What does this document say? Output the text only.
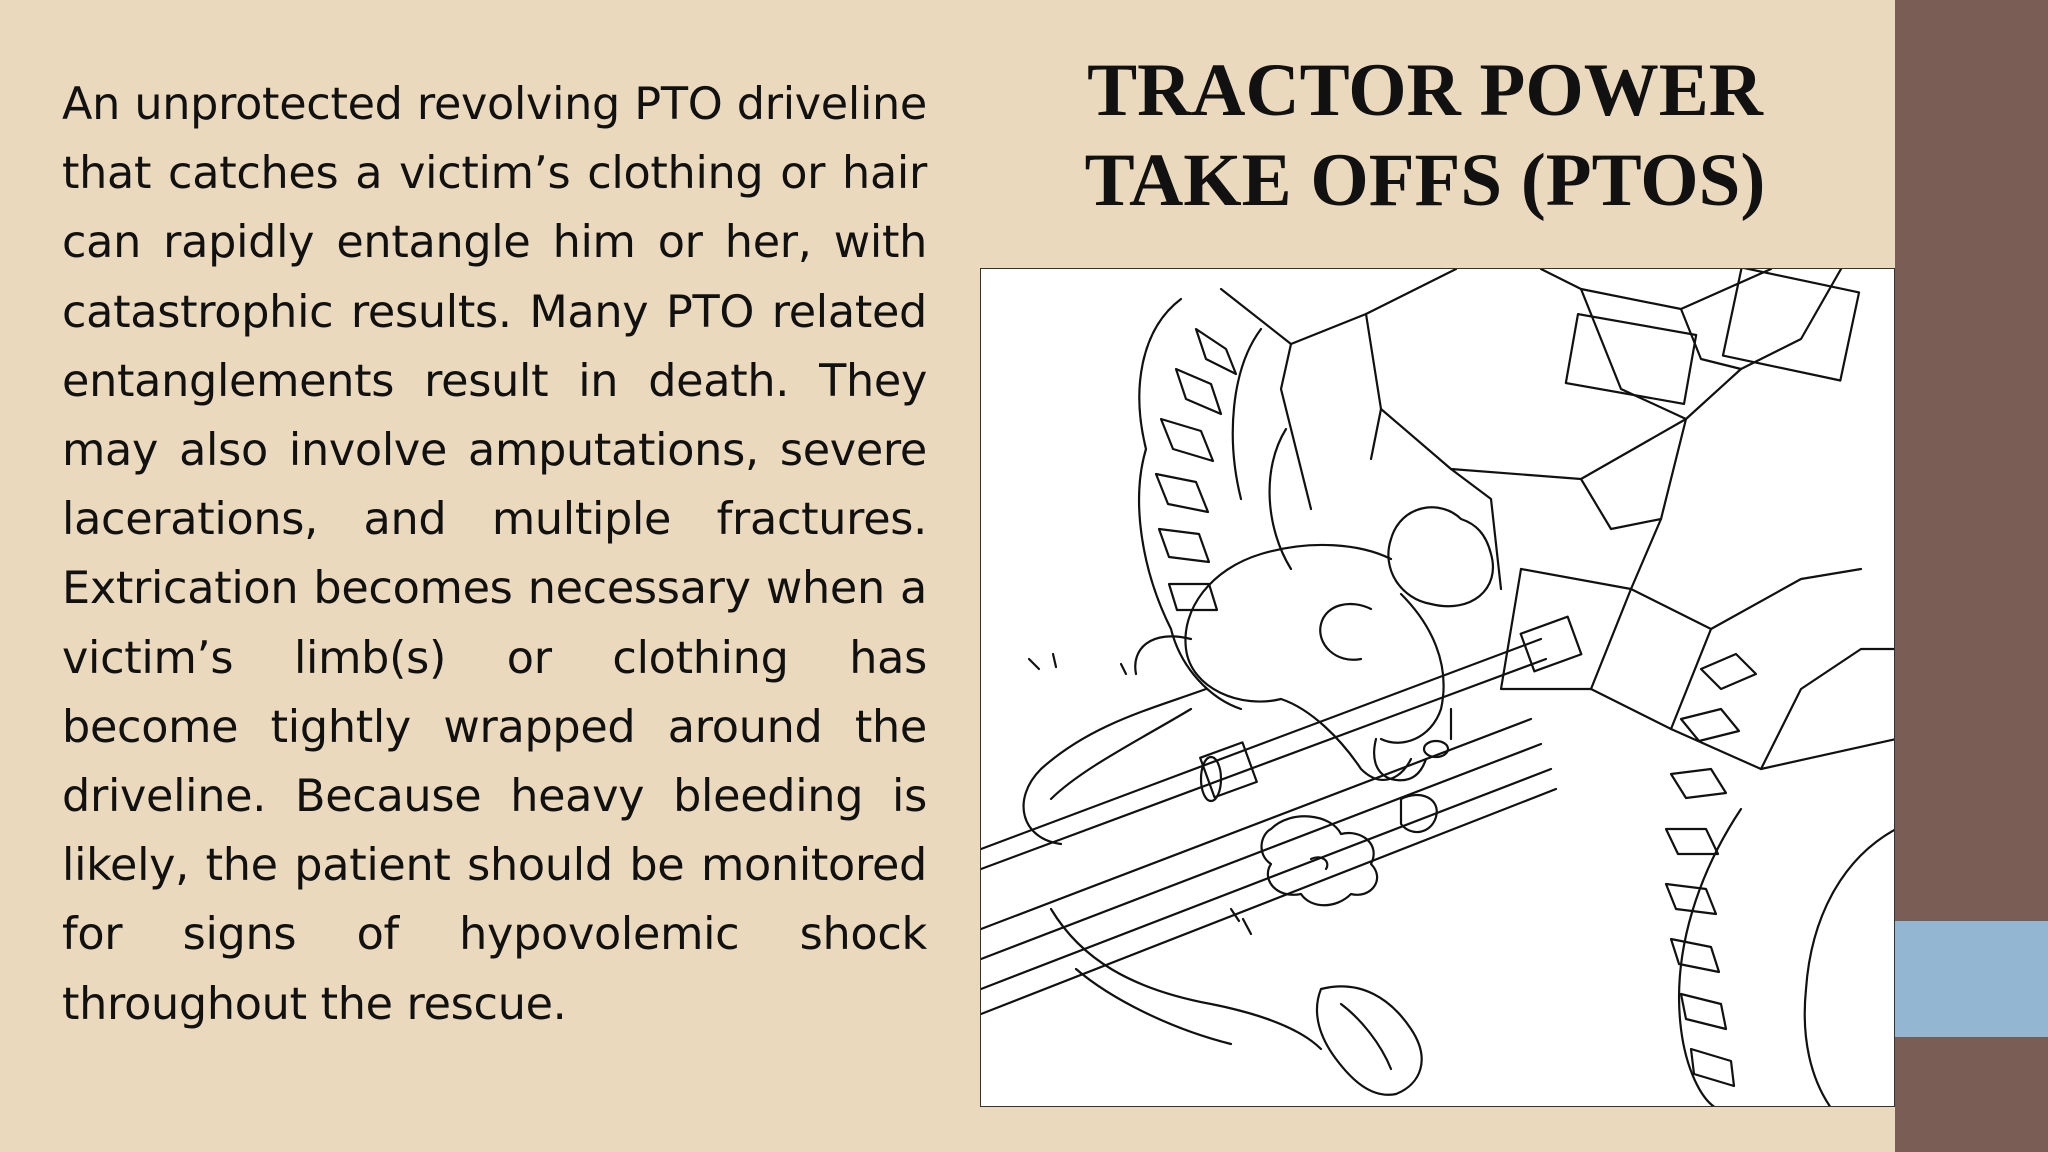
TRACTOR POWER
TAKE OFFS (PTOS)

An unprotected revolving PTO driveline that catches a victim’s clothing or hair can rapidly entangle him or her, with catastrophic results. Many PTO related entanglements result in death. They may also involve amputations, severe lacerations, and multiple fractures. Extrication becomes necessary when a victim’s limb(s) or clothing has become tightly wrapped around the driveline. Because heavy bleeding is likely, the patient should be monitored for signs of hypovolemic shock throughout the rescue.
